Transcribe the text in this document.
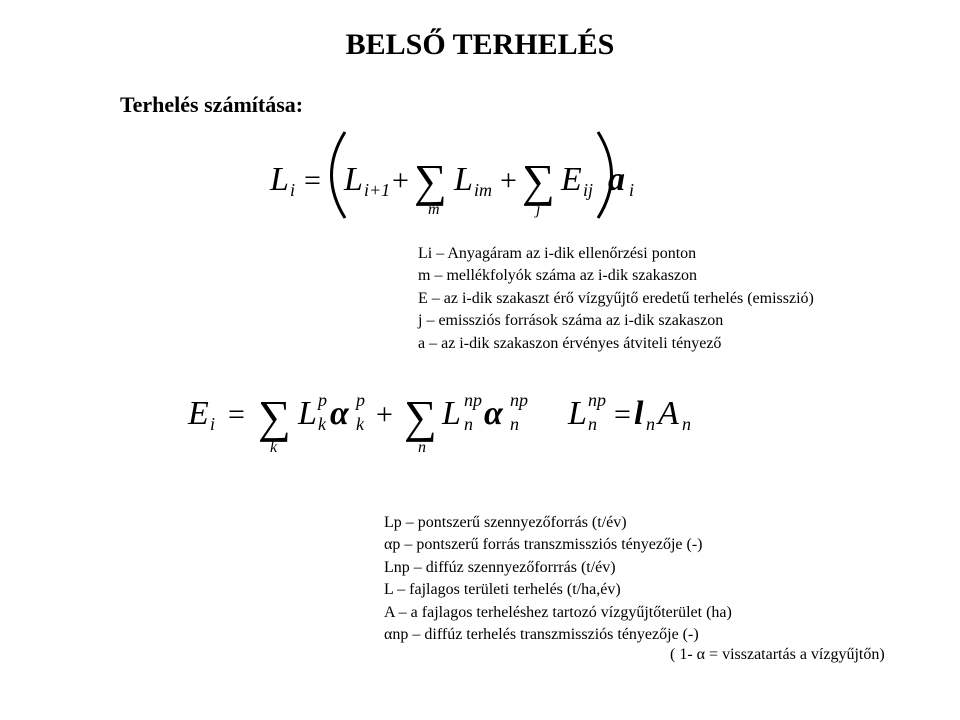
BELSŐ TERHELÉS
Terhelés számítása:
L i = L i+1 + ∑
m
L im + ∑
j
E ij a i
Li – Anyagáram az i-dik ellenőrzési ponton
m – mellékfolyók száma az i-dik szakaszon
E – az i-dik szakaszt érő vízgyűjtő eredetű terhelés (emisszió)
j – emissziós források száma az i-dik szakaszon
a – az i-dik szakaszon érvényes átviteli tényező
E i = ∑
k
L p
k α p
k + ∑
n
L np
n α np
n L np
n = l n A n
Lp – pontszerű szennyezőforrás (t/év)
αp – pontszerű forrás transzmissziós tényezője (-)
Lnp – diffúz szennyezőforrrás (t/év)
L – fajlagos területi terhelés (t/ha,év)
A – a fajlagos terheléshez tartozó vízgyűjtőterület (ha)
αnp – diffúz terhelés transzmissziós tényezője (-)
( 1- α = visszatartás a vízgyűjtőn)
